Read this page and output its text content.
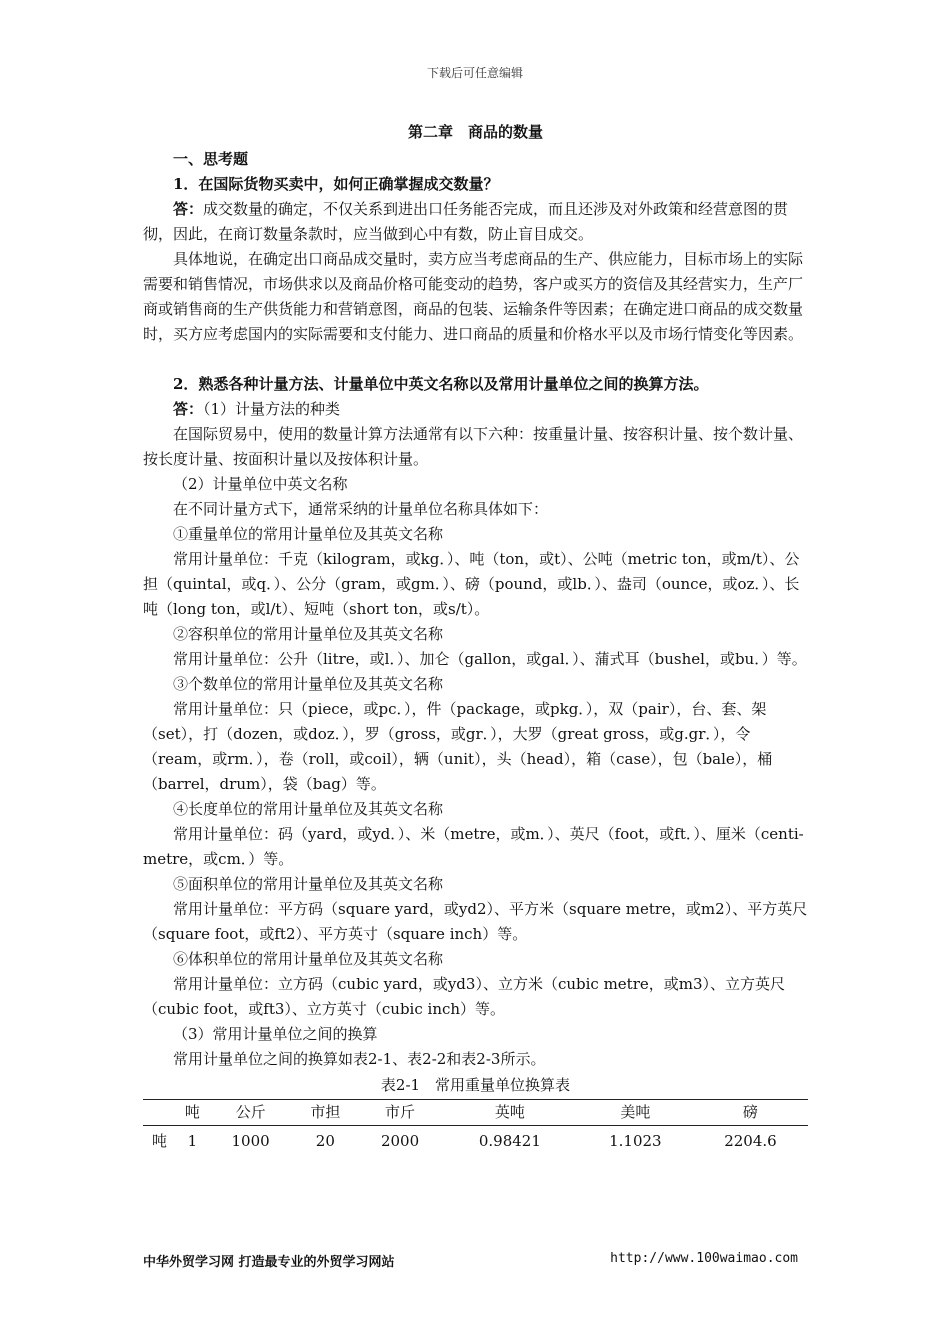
下载后可任意编辑

第二章　商品的数量

一、思考题

1．在国际货物买卖中，如何正确掌握成交数量？

答：成交数量的确定，不仅关系到进出口任务能否完成，而且还涉及对外政策和经营意图的贯彻，因此，在商订数量条款时，应当做到心中有数，防止盲目成交。

具体地说，在确定出口商品成交量时，卖方应当考虑商品的生产、供应能力，目标市场上的实际需要和销售情况，市场供求以及商品价格可能变动的趋势，客户或买方的资信及其经营实力，生产厂商或销售商的生产供货能力和营销意图，商品的包装、运输条件等因素；在确定进口商品的成交数量时，买方应考虑国内的实际需要和支付能力、进口商品的质量和价格水平以及市场行情变化等因素。

2．熟悉各种计量方法、计量单位中英文名称以及常用计量单位之间的换算方法。

答：（1）计量方法的种类

在国际贸易中，使用的数量计算方法通常有以下六种：按重量计量、按容积计量、按个数计量、按长度计量、按面积计量以及按体积计量。

（2）计量单位中英文名称

在不同计量方式下，通常采纳的计量单位名称具体如下：

①重量单位的常用计量单位及其英文名称

常用计量单位：千克（kilogram，或kg．）、吨（ton，或t）、公吨（metric ton，或m/t）、公担（quintal，或q．）、公分（gram，或gm．）、磅（pound，或lb．）、盎司（ounce，或oz．）、长吨（long ton，或l/t）、短吨（short ton，或s/t）。

②容积单位的常用计量单位及其英文名称

常用计量单位：公升（litre，或l．）、加仑（gallon，或gal．）、蒲式耳（bushel，或bu．）等。

③个数单位的常用计量单位及其英文名称

常用计量单位：只（piece，或pc．），件（package，或pkg．），双（pair），台、套、架（set），打（dozen，或doz．），罗（gross，或gr．），大罗（great gross，或g.gr．），令（ream，或rm．），卷（roll，或coil），辆（unit），头（head），箱（case），包（bale），桶（barrel，drum），袋（bag）等。

④长度单位的常用计量单位及其英文名称

常用计量单位：码（yard，或yd．）、米（metre，或m．）、英尺（foot，或ft．）、厘米（centi-metre，或cm．）等。

⑤面积单位的常用计量单位及其英文名称

常用计量单位：平方码（square yard，或yd2）、平方米（square metre，或m2）、平方英尺（square foot，或ft2）、平方英寸（square inch）等。

⑥体积单位的常用计量单位及其英文名称

常用计量单位：立方码（cubic yard，或yd3）、立方米（cubic metre，或m3）、立方英尺（cubic foot，或ft3）、立方英寸（cubic inch）等。

（3）常用计量单位之间的换算

常用计量单位之间的换算如表2-1、表2-2和表2-3所示。

表2-1　常用重量单位换算表

	吨	公斤	市担	市斤	英吨	美吨	磅
吨	1	1000	20	2000	0.98421	1.1023	2204.6
中华外贸学习网 打造最专业的外贸学习网站	http://www.100waimao.com
